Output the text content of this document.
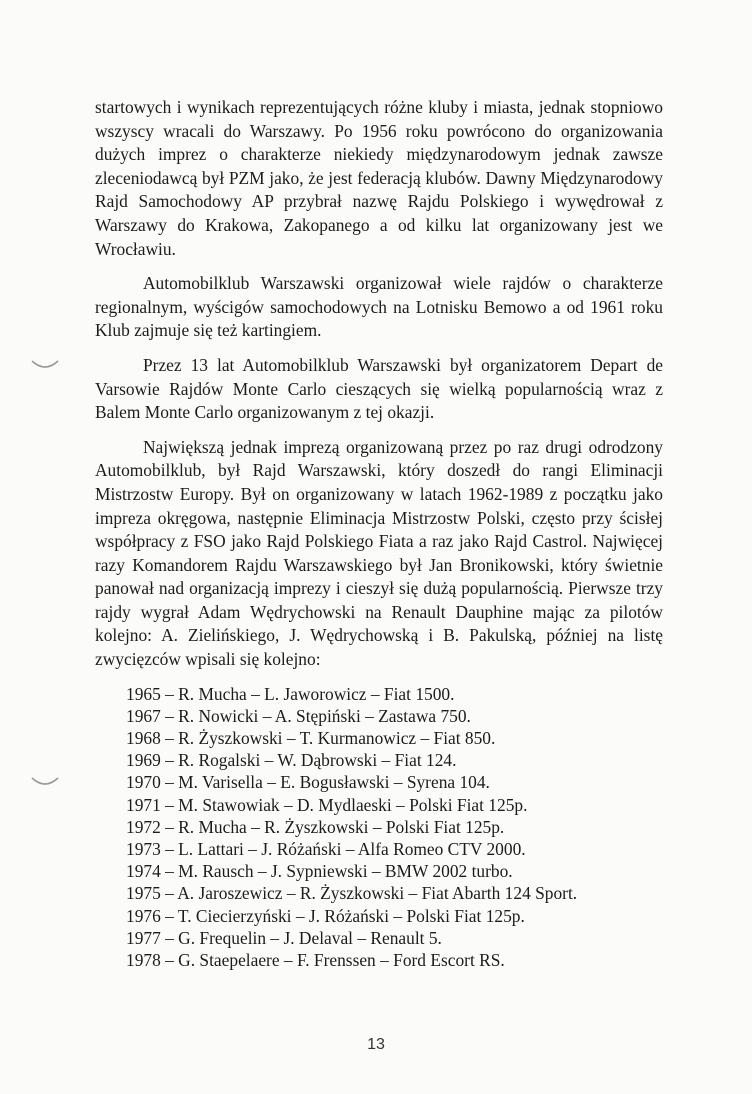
startowych i wynikach reprezentujących różne kluby i miasta, jednak stopniowo wszyscy wracali do Warszawy. Po 1956 roku powrócono do organizowania dużych imprez o charakterze niekiedy międzynarodowym jednak zawsze zleceniodawcą był PZM jako, że jest federacją klubów. Dawny Międzynarodowy Rajd Samochodowy AP przybrał nazwę Rajdu Polskiego i wywędrował z Warszawy do Krakowa, Zakopanego a od kilku lat organizowany jest we Wrocławiu.

Automobilklub Warszawski organizował wiele rajdów o charakterze regionalnym, wyścigów samochodowych na Lotnisku Bemowo a od 1961 roku Klub zajmuje się też kartingiem.

Przez 13 lat Automobilklub Warszawski był organizatorem Depart de Varsowie Rajdów Monte Carlo cieszących się wielką popularnością wraz z Balem Monte Carlo organizowanym z tej okazji.

Największą jednak imprezą organizowaną przez po raz drugi odrodzony Automobilklub, był Rajd Warszawski, który doszedł do rangi Eliminacji Mistrzostw Europy. Był on organizowany w latach 1962-1989 z początku jako impreza okręgowa, następnie Eliminacja Mistrzostw Polski, często przy ścisłej współpracy z FSO jako Rajd Polskiego Fiata a raz jako Rajd Castrol. Najwięcej razy Komandorem Rajdu Warszawskiego był Jan Bronikowski, który świetnie panował nad organizacją imprezy i cieszył się dużą popularnością. Pierwsze trzy rajdy wygrał Adam Wędrychowski na Renault Dauphine mając za pilotów kolejno: A. Zielińskiego, J. Wędrychowską i B. Pakulską, później na listę zwycięzców wpisali się kolejno:

1965 – R. Mucha – L. Jaworowicz – Fiat 1500.
1967 – R. Nowicki – A. Stępiński – Zastawa 750.
1968 – R. Żyszkowski – T. Kurmanowicz – Fiat 850.
1969 – R. Rogalski – W. Dąbrowski – Fiat 124.
1970 – M. Varisella – E. Bogusławski – Syrena 104.
1971 – M. Stawowiak – D. Mydlaeski – Polski Fiat 125p.
1972 – R. Mucha – R. Żyszkowski – Polski Fiat 125p.
1973 – L. Lattari – J. Różański – Alfa Romeo CTV 2000.
1974 – M. Rausch – J. Sypniewski – BMW 2002 turbo.
1975 – A. Jaroszewicz – R. Żyszkowski – Fiat Abarth 124 Sport.
1976 – T. Ciecierzyński – J. Różański – Polski Fiat 125p.
1977 – G. Frequelin – J. Delaval – Renault 5.
1978 – G. Staepelaere – F. Frenssen – Ford Escort RS.
13
